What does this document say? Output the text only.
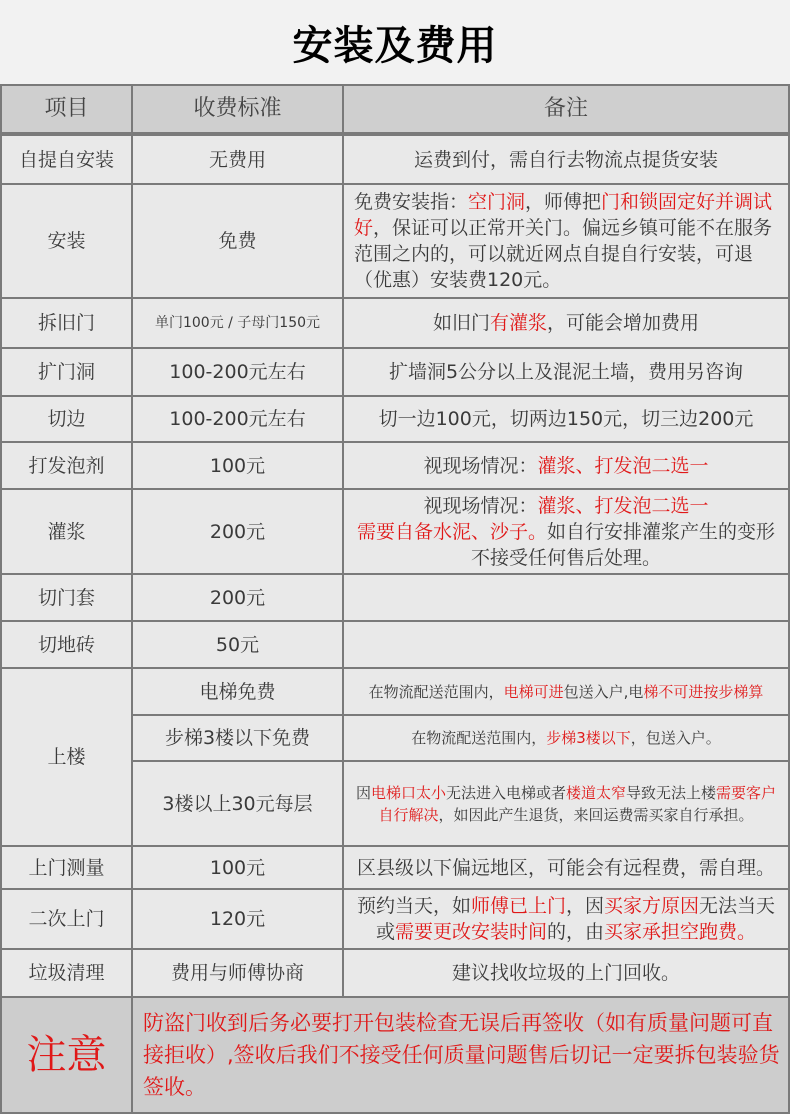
安装及费用
项目	收费标准	备注
自提自安装	无费用	运费到付，需自行去物流点提货安装
安装	免费	免费安装指：空门洞，师傅把门和锁固定好并调试好，保证可以正常开关门。偏远乡镇可能不在服务范围之内的，可以就近网点自提自行安装，可退（优惠）安装费120元。
拆旧门	单门100元 / 子母门150元	如旧门有灌浆，可能会增加费用
扩门洞	100-200元左右	扩墙洞5公分以上及混泥土墙，费用另咨询
切边	100-200元左右	切一边100元，切两边150元，切三边200元
打发泡剂	100元	视现场情况：灌浆、打发泡二选一
灌浆	200元	视现场情况：灌浆、打发泡二选一
需要自备水泥、沙子。如自行安排灌浆产生的变形不接受任何售后处理。
切门套	200元	
切地砖	50元	
上楼	电梯免费	在物流配送范围内，电梯可进包送入户,电梯不可进按步梯算
	步梯3楼以下免费	在物流配送范围内，步梯3楼以下，包送入户。
	3楼以上30元每层	因电梯口太小无法进入电梯或者楼道太窄导致无法上楼需要客户自行解决，如因此产生退货，来回运费需买家自行承担。
上门测量	100元	区县级以下偏远地区，可能会有远程费，需自理。
二次上门	120元	预约当天，如师傅已上门，因买家方原因无法当天或需要更改安装时间的，由买家承担空跑费。
垃圾清理	费用与师傅协商	建议找收垃圾的上门回收。
注意	防盗门收到后务必要打开包装检查无误后再签收（如有质量问题可直接拒收）,签收后我们不接受任何质量问题售后切记一定要拆包装验货签收。	
